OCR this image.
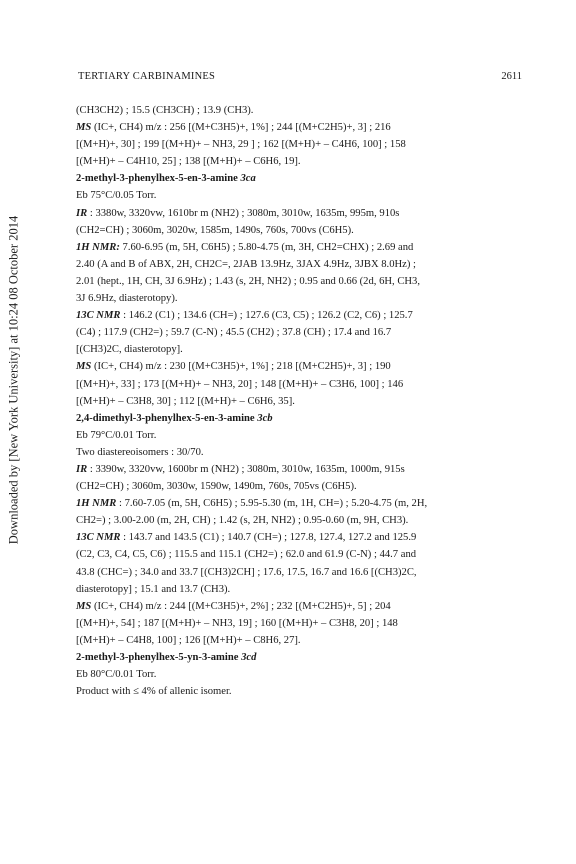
Downloaded by [New York University] at 10:24 08 October 2014
TERTIARY CARBINAMINES	2611
(CH3CH2) ; 15.5 (CH3CH) ; 13.9 (CH3).
MS (IC+, CH4) m/z : 256 [(M+C3H5)+, 1%] ; 244 [(M+C2H5)+, 3] ; 216
[(M+H)+, 30] ; 199 [(M+H)+ – NH3, 29 ] ; 162 [(M+H)+ – C4H6, 100] ; 158
[(M+H)+ – C4H10, 25] ; 138 [(M+H)+ – C6H6, 19].
2-methyl-3-phenylhex-5-en-3-amine 3ca
Eb 75°C/0.05 Torr.
IR : 3380w, 3320vw, 1610br m (NH2) ; 3080m, 3010w, 1635m, 995m, 910s
(CH2=CH) ; 3060m, 3020w, 1585m, 1490s, 760s, 700vs (C6H5).
1H NMR: 7.60-6.95 (m, 5H, C6H5) ; 5.80-4.75 (m, 3H, CH2=CHX) ; 2.69 and
2.40 (A and B of ABX, 2H, CH2C=, 2JAB 13.9Hz, 3JAX 4.9Hz, 3JBX 8.0Hz) ;
2.01 (hept., 1H, CH, 3J 6.9Hz) ; 1.43 (s, 2H, NH2) ; 0.95 and 0.66 (2d, 6H, CH3,
3J 6.9Hz, diasterotopy).
13C NMR : 146.2 (C1) ; 134.6 (CH=) ; 127.6 (C3, C5) ; 126.2 (C2, C6) ; 125.7
(C4) ; 117.9 (CH2=) ; 59.7 (C-N) ; 45.5 (CH2) ; 37.8 (CH) ; 17.4 and 16.7
[(CH3)2C, diasterotopy].
MS (IC+, CH4) m/z : 230 [(M+C3H5)+, 1%] ; 218 [(M+C2H5)+, 3] ; 190
[(M+H)+, 33] ; 173 [(M+H)+ – NH3, 20] ; 148 [(M+H)+ – C3H6, 100] ; 146
[(M+H)+ – C3H8, 30] ; 112 [(M+H)+ – C6H6, 35].
2,4-dimethyl-3-phenylhex-5-en-3-amine 3cb
Eb 79°C/0.01 Torr.
Two diastereoisomers : 30/70.
IR : 3390w, 3320vw, 1600br m (NH2) ; 3080m, 3010w, 1635m, 1000m, 915s
(CH2=CH) ; 3060m, 3030w, 1590w, 1490m, 760s, 705vs (C6H5).
1H NMR : 7.60-7.05 (m, 5H, C6H5) ; 5.95-5.30 (m, 1H, CH=) ; 5.20-4.75 (m, 2H,
CH2=) ; 3.00-2.00 (m, 2H, CH) ; 1.42 (s, 2H, NH2) ; 0.95-0.60 (m, 9H, CH3).
13C NMR : 143.7 and 143.5 (C1) ; 140.7 (CH=) ; 127.8, 127.4, 127.2 and 125.9
(C2, C3, C4, C5, C6) ; 115.5 and 115.1 (CH2=) ; 62.0 and 61.9 (C-N) ; 44.7 and
43.8 (CHC=) ; 34.0 and 33.7 [(CH3)2CH] ; 17.6, 17.5, 16.7 and 16.6 [(CH3)2C,
diasterotopy] ; 15.1 and 13.7 (CH3).
MS (IC+, CH4) m/z : 244 [(M+C3H5)+, 2%] ; 232 [(M+C2H5)+, 5] ; 204
[(M+H)+, 54] ; 187 [(M+H)+ – NH3, 19] ; 160 [(M+H)+ – C3H8, 20] ; 148
[(M+H)+ – C4H8, 100] ; 126 [(M+H)+ – C8H6, 27].
2-methyl-3-phenylhex-5-yn-3-amine 3cd
Eb 80°C/0.01 Torr.
Product with ≤ 4% of allenic isomer.
